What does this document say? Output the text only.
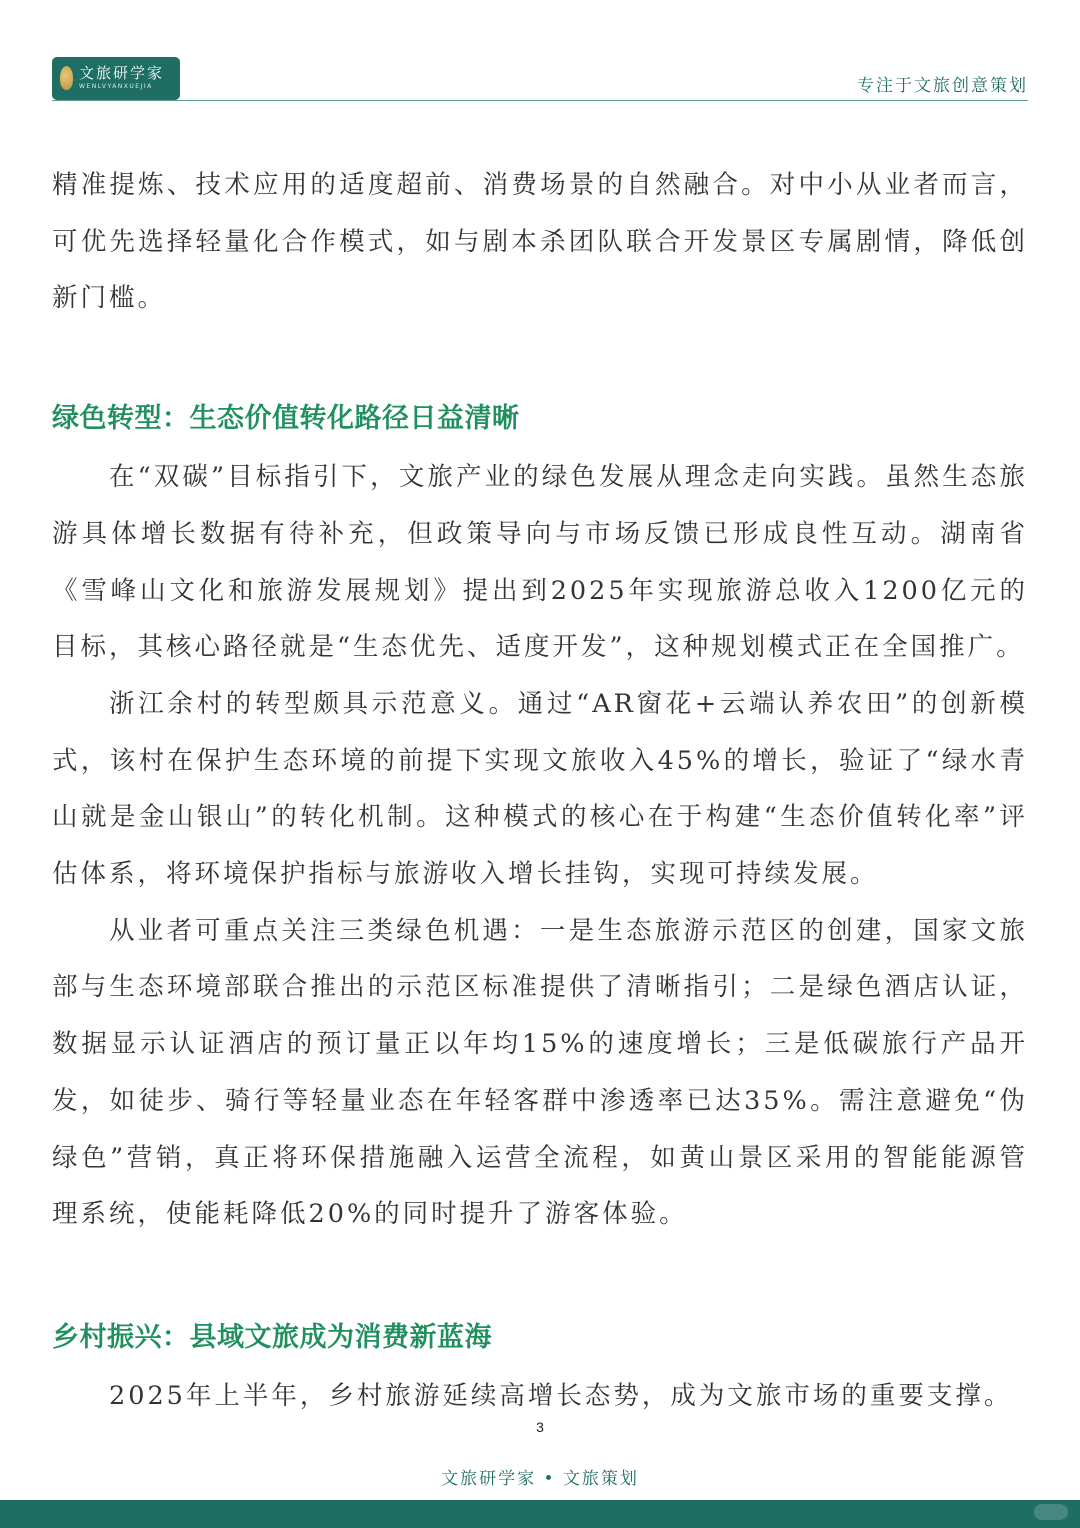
文旅研学家
WENLVYANXUEJIA	专注于文旅创意策划

精准提炼、技术应用的适度超前、消费场景的自然融合。对中小从业者而言，可优先选择轻量化合作模式，如与剧本杀团队联合开发景区专属剧情，降低创新门槛。

绿色转型：生态价值转化路径日益清晰

在“双碳”目标指引下，文旅产业的绿色发展从理念走向实践。虽然生态旅游具体增长数据有待补充，但政策导向与市场反馈已形成良性互动。湖南省《雪峰山文化和旅游发展规划》提出到2025年实现旅游总收入1200亿元的目标，其核心路径就是“生态优先、适度开发”，这种规划模式正在全国推广。

浙江余村的转型颇具示范意义。通过“AR窗花+云端认养农田”的创新模式，该村在保护生态环境的前提下实现文旅收入45%的增长，验证了“绿水青山就是金山银山”的转化机制。这种模式的核心在于构建“生态价值转化率”评估体系，将环境保护指标与旅游收入增长挂钩，实现可持续发展。

从业者可重点关注三类绿色机遇：一是生态旅游示范区的创建，国家文旅部与生态环境部联合推出的示范区标准提供了清晰指引；二是绿色酒店认证，数据显示认证酒店的预订量正以年均15%的速度增长；三是低碳旅行产品开发，如徒步、骑行等轻量业态在年轻客群中渗透率已达35%。需注意避免“伪绿色”营销，真正将环保措施融入运营全流程，如黄山景区采用的智能能源管理系统，使能耗降低20%的同时提升了游客体验。

乡村振兴：县域文旅成为消费新蓝海

2025年上半年，乡村旅游延续高增长态势，成为文旅市场的重要支撑。

3
文旅研学家 • 文旅策划
